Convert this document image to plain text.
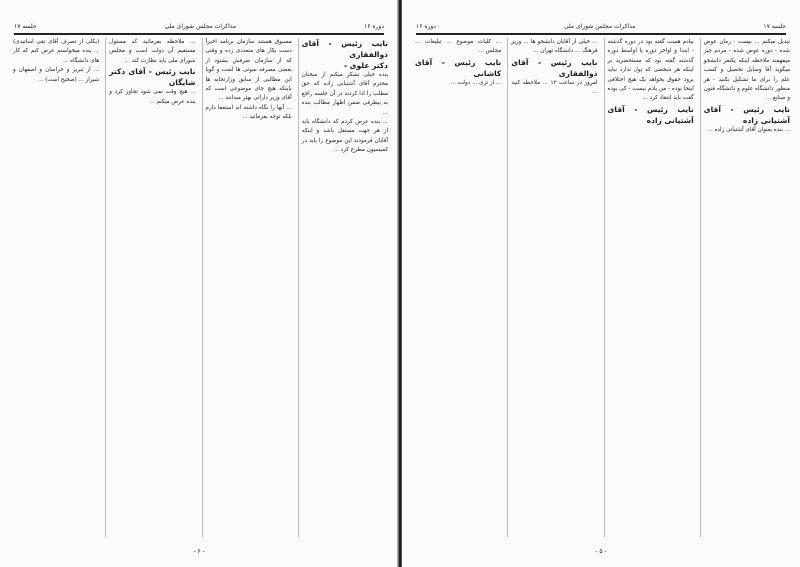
دوره ۱۶
مذاکرات مجلس شورای ملی
جلسه ۱۷

نایب رئیس - آقای ذوالفقاری

دکتر علوی -

بنده خیلی تشکر میکنم از سخنان محترم آقای آشتیانی زاده که حق مطلب را ادا کردند در آن جلسه راجع به بیطرفی ضمن اظهار مطالب بنده ...

... بنده عرض کردم که دانشگاه باید از هر جهت مستقل باشد و اینکه آقایان فرمودند این موضوع را باید در کمیسیون مطرح کرد ...

مسبوق هستند سازمان برنامه اخیراً دست بکار های متعددی زده و وقتی که از سازمان صرفش بشنود از بعضی مصرفه سوئی ها است و گویا این مطالبی از سابق وزارتخانه ها باینکه هیچ جای موضوعی است که آقای وزیر دارائی بهتر میدانند ...

... آنها را نگاه داشته اند استعفا دارم بلکه توجه بفرمائید ...

... ملاحظه بفرمائید که مسئول مستقیم آن دولت است و مجلس شورای ملی باید نظارت کند ...

نایب رئیس - آقای دکتر شایگان

... هیچ وقت نمی شود تجاوز کرد و بنده عرض میکنم ...

(بکلی از تصرف آقای تقی اساتیدی) ... بنده میخواستم عرض کنم که کار های دانشگاه ...

... از تبریز و خراسان و اصفهان و شیراز ... (صحیح است) ...

- ۶ -
جلسه ۱۷
مذاکرات مجلس شورای ملی
دوره ۱۶

تبدیل میکنم ... بیست - زمان عوض شده - دوره عوض شده - مردم چیز میفهمند ملاحظه اینکه یکنفر دانشجو میگوید آقا وسایل تحصیل و کسب علم را برای ما تشکیل بکنید - هر منظور دانشگاه علوم و دانشگاه فنون و صنایع ...

نایب رئیس - آقای آشتیانی زاده

... بنده بعنوان آقای آشتیانی زاده ...

بیادم هست گفته بود در دوره گذشته - ابتدا و اواخر دوره یا اواسط دوره گذشته گفته بود که مستحضرید بر اینکه هر شخصی که پول ندارد نباید برود حقوق بخواهد یک هیچ اختلافی اینجا بوده - من یادم نیست - کی بوده گفت باید انتقاد کرد ...

نایب رئیس - آقای آشتیانی زاده

... خیلی از آقایان دانشجو ها ... وزیر فرهنگ ... دانشگاه تهران ...

نایب رئیس - آقای ذوالفقاری

امروز در ساعت ۱۲ ... ملاحظه کنید ...

... کلیات موضوع ... تبلیغات ... مجلس ...

نایب رئیس - آقای کاشانی

... از تزی ... دولت ...

- ۵ -
